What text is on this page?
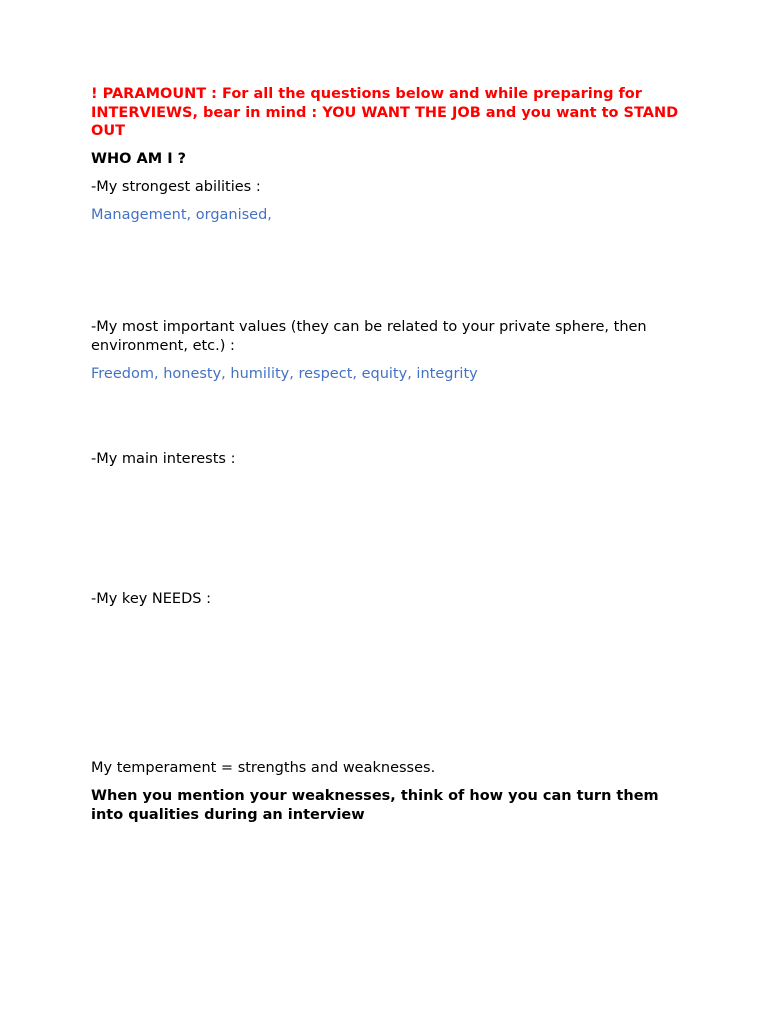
! PARAMOUNT : For all the questions below and while preparing for INTERVIEWS, bear in mind : YOU WANT THE JOB and you want to STAND OUT

WHO AM I ?

-My strongest abilities :

Management, organised,

-My most important values (they can be related to your private sphere, then environment, etc.) :

Freedom, honesty, humility, respect, equity, integrity

-My main interests :

-My key NEEDS :

My temperament = strengths and weaknesses.

When you mention your weaknesses, think of how you can turn them into qualities during an interview
